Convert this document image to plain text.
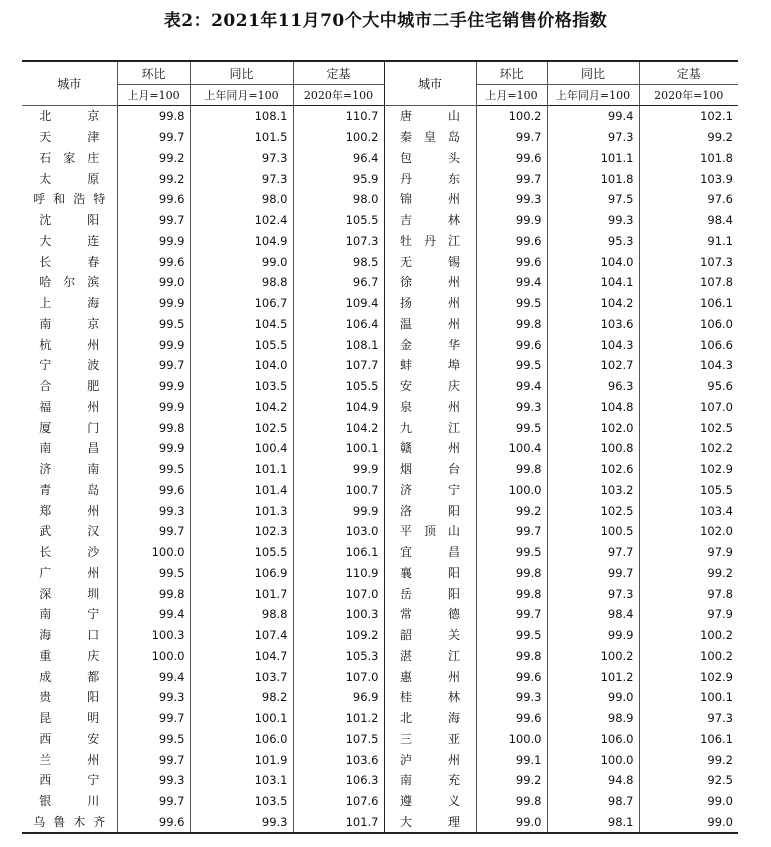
表2：2021年11月70个大中城市二手住宅销售价格指数
城市	环比	同比	定基	城市	环比	同比	定基
	上月=100	上年同月=100	2020年=100		上月=100	上年同月=100	2020年=100
北京	99.8	108.1	110.7	唐山	100.2	99.4	102.1
天津	99.7	101.5	100.2	秦皇岛	99.7	97.3	99.2
石家庄	99.2	97.3	96.4	包头	99.6	101.1	101.8
太原	99.2	97.3	95.9	丹东	99.7	101.8	103.9
呼和浩特	99.6	98.0	98.0	锦州	99.3	97.5	97.6
沈阳	99.7	102.4	105.5	吉林	99.9	99.3	98.4
大连	99.9	104.9	107.3	牡丹江	99.6	95.3	91.1
长春	99.6	99.0	98.5	无锡	99.6	104.0	107.3
哈尔滨	99.0	98.8	96.7	徐州	99.4	104.1	107.8
上海	99.9	106.7	109.4	扬州	99.5	104.2	106.1
南京	99.5	104.5	106.4	温州	99.8	103.6	106.0
杭州	99.9	105.5	108.1	金华	99.6	104.3	106.6
宁波	99.7	104.0	107.7	蚌埠	99.5	102.7	104.3
合肥	99.9	103.5	105.5	安庆	99.4	96.3	95.6
福州	99.9	104.2	104.9	泉州	99.3	104.8	107.0
厦门	99.8	102.5	104.2	九江	99.5	102.0	102.5
南昌	99.9	100.4	100.1	赣州	100.4	100.8	102.2
济南	99.5	101.1	99.9	烟台	99.8	102.6	102.9
青岛	99.6	101.4	100.7	济宁	100.0	103.2	105.5
郑州	99.3	101.3	99.9	洛阳	99.2	102.5	103.4
武汉	99.7	102.3	103.0	平顶山	99.7	100.5	102.0
长沙	100.0	105.5	106.1	宜昌	99.5	97.7	97.9
广州	99.5	106.9	110.9	襄阳	99.8	99.7	99.2
深圳	99.8	101.7	107.0	岳阳	99.8	97.3	97.8
南宁	99.4	98.8	100.3	常德	99.7	98.4	97.9
海口	100.3	107.4	109.2	韶关	99.5	99.9	100.2
重庆	100.0	104.7	105.3	湛江	99.8	100.2	100.2
成都	99.4	103.7	107.0	惠州	99.6	101.2	102.9
贵阳	99.3	98.2	96.9	桂林	99.3	99.0	100.1
昆明	99.7	100.1	101.2	北海	99.6	98.9	97.3
西安	99.5	106.0	107.5	三亚	100.0	106.0	106.1
兰州	99.7	101.9	103.6	泸州	99.1	100.0	99.2
西宁	99.3	103.1	106.3	南充	99.2	94.8	92.5
银川	99.7	103.5	107.6	遵义	99.8	98.7	99.0
乌鲁木齐	99.6	99.3	101.7	大理	99.0	98.1	99.0
